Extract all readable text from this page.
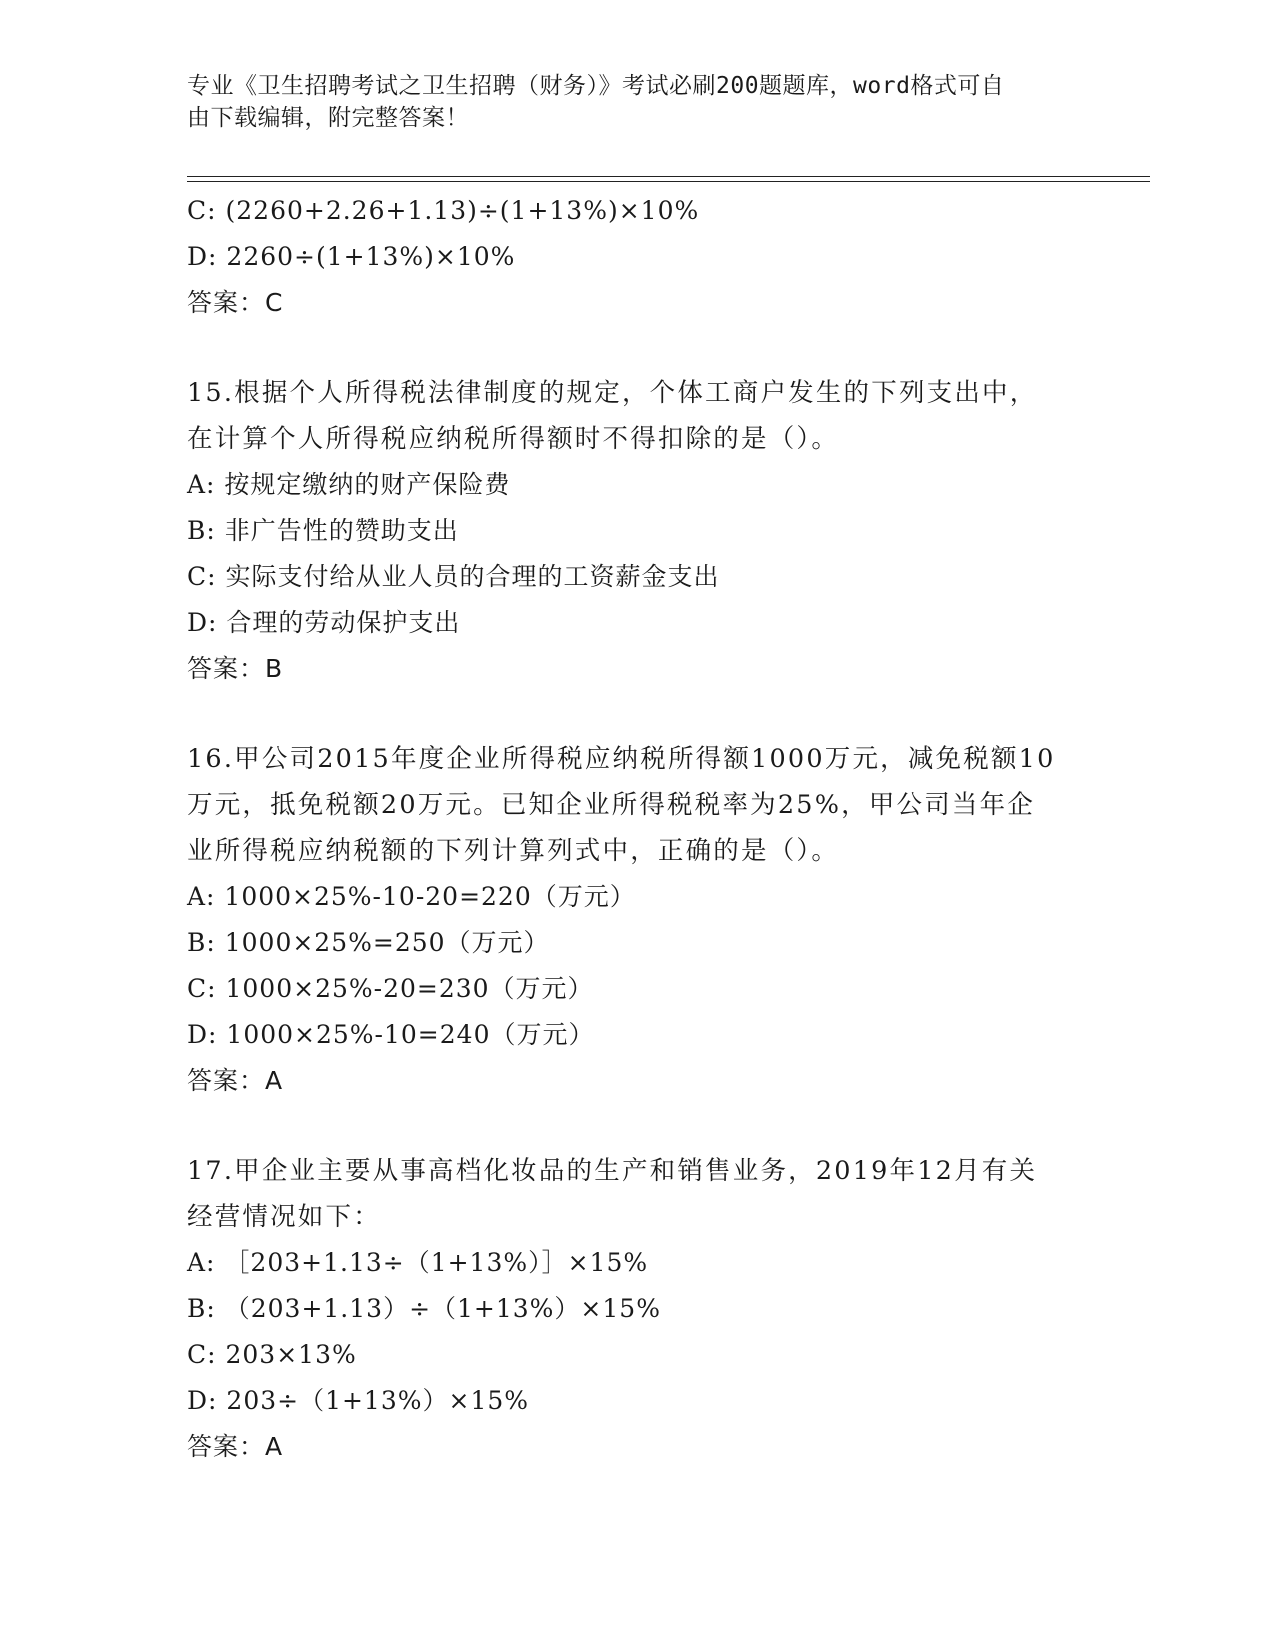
专业《卫生招聘考试之卫生招聘（财务）》考试必刷200题题库，word格式可自
由下载编辑，附完整答案！
C: (2260+2.26+1.13)÷(1+13%)×10%
D: 2260÷(1+13%)×10%
答案：C
15.根据个人所得税法律制度的规定，个体工商户发生的下列支出中，
在计算个人所得税应纳税所得额时不得扣除的是（）。
A: 按规定缴纳的财产保险费
B: 非广告性的赞助支出
C: 实际支付给从业人员的合理的工资薪金支出
D: 合理的劳动保护支出
答案：B
16.甲公司2015年度企业所得税应纳税所得额1000万元，减免税额10
万元，抵免税额20万元。已知企业所得税税率为25%，甲公司当年企
业所得税应纳税额的下列计算列式中，正确的是（）。
A: 1000×25%-10-20=220（万元）
B: 1000×25%=250（万元）
C: 1000×25%-20=230（万元）
D: 1000×25%-10=240（万元）
答案：A
17.甲企业主要从事高档化妆品的生产和销售业务，2019年12月有关
经营情况如下：
A: ［203+1.13÷（1+13%）］×15%
B: （203+1.13）÷（1+13%）×15%
C: 203×13%
D: 203÷（1+13%）×15%
答案：A
